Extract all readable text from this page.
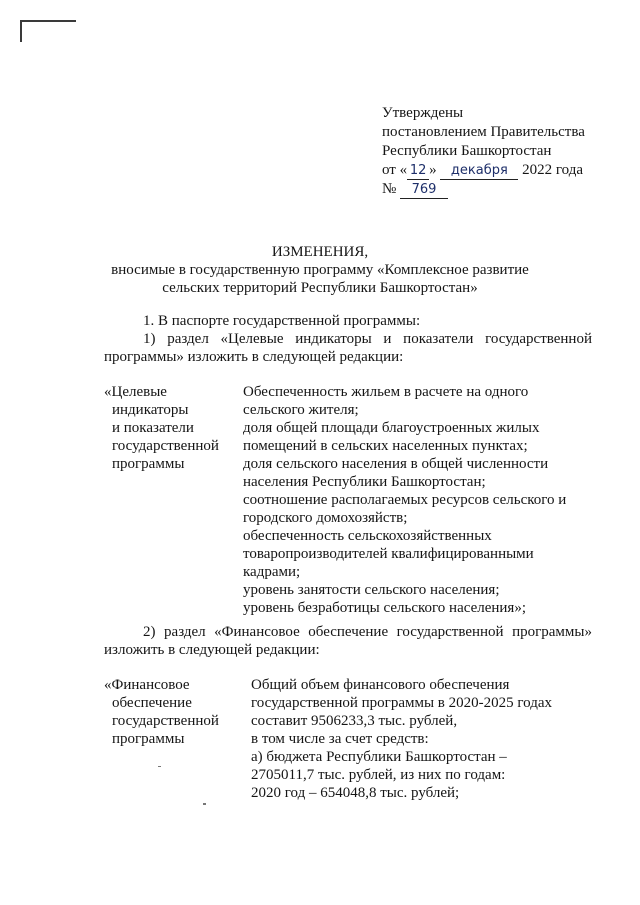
Утверждены
постановлением Правительства
Республики Башкортостан
от « 12 » декабря 2022 года
№ 769
ИЗМЕНЕНИЯ,
вносимые в государственную программу «Комплексное развитие
сельских территорий Республики Башкортостан»
1. В паспорте государственной программы:
1) раздел «Целевые индикаторы и показатели государственной
программы» изложить в следующей редакции:
«Целевые
индикаторы
и показатели
государственной
программы
Обеспеченность жильем в расчете на одного
сельского жителя;
доля общей площади благоустроенных жилых
помещений в сельских населенных пунктах;
доля сельского населения в общей численности
населения Республики Башкортостан;
соотношение располагаемых ресурсов сельского и
городского домохозяйств;
обеспеченность сельскохозяйственных
товаропроизводителей квалифицированными
кадрами;
уровень занятости сельского населения;
уровень безработицы сельского населения»;
2) раздел «Финансовое обеспечение государственной программы»
изложить в следующей редакции:
«Финансовое
обеспечение
государственной
программы
Общий объем финансового обеспечения
государственной программы в 2020-2025 годах
составит 9506233,3 тыс. рублей,
в том числе за счет средств:
а) бюджета Республики Башкортостан –
2705011,7 тыс. рублей, из них по годам:
2020 год – 654048,8 тыс. рублей;
